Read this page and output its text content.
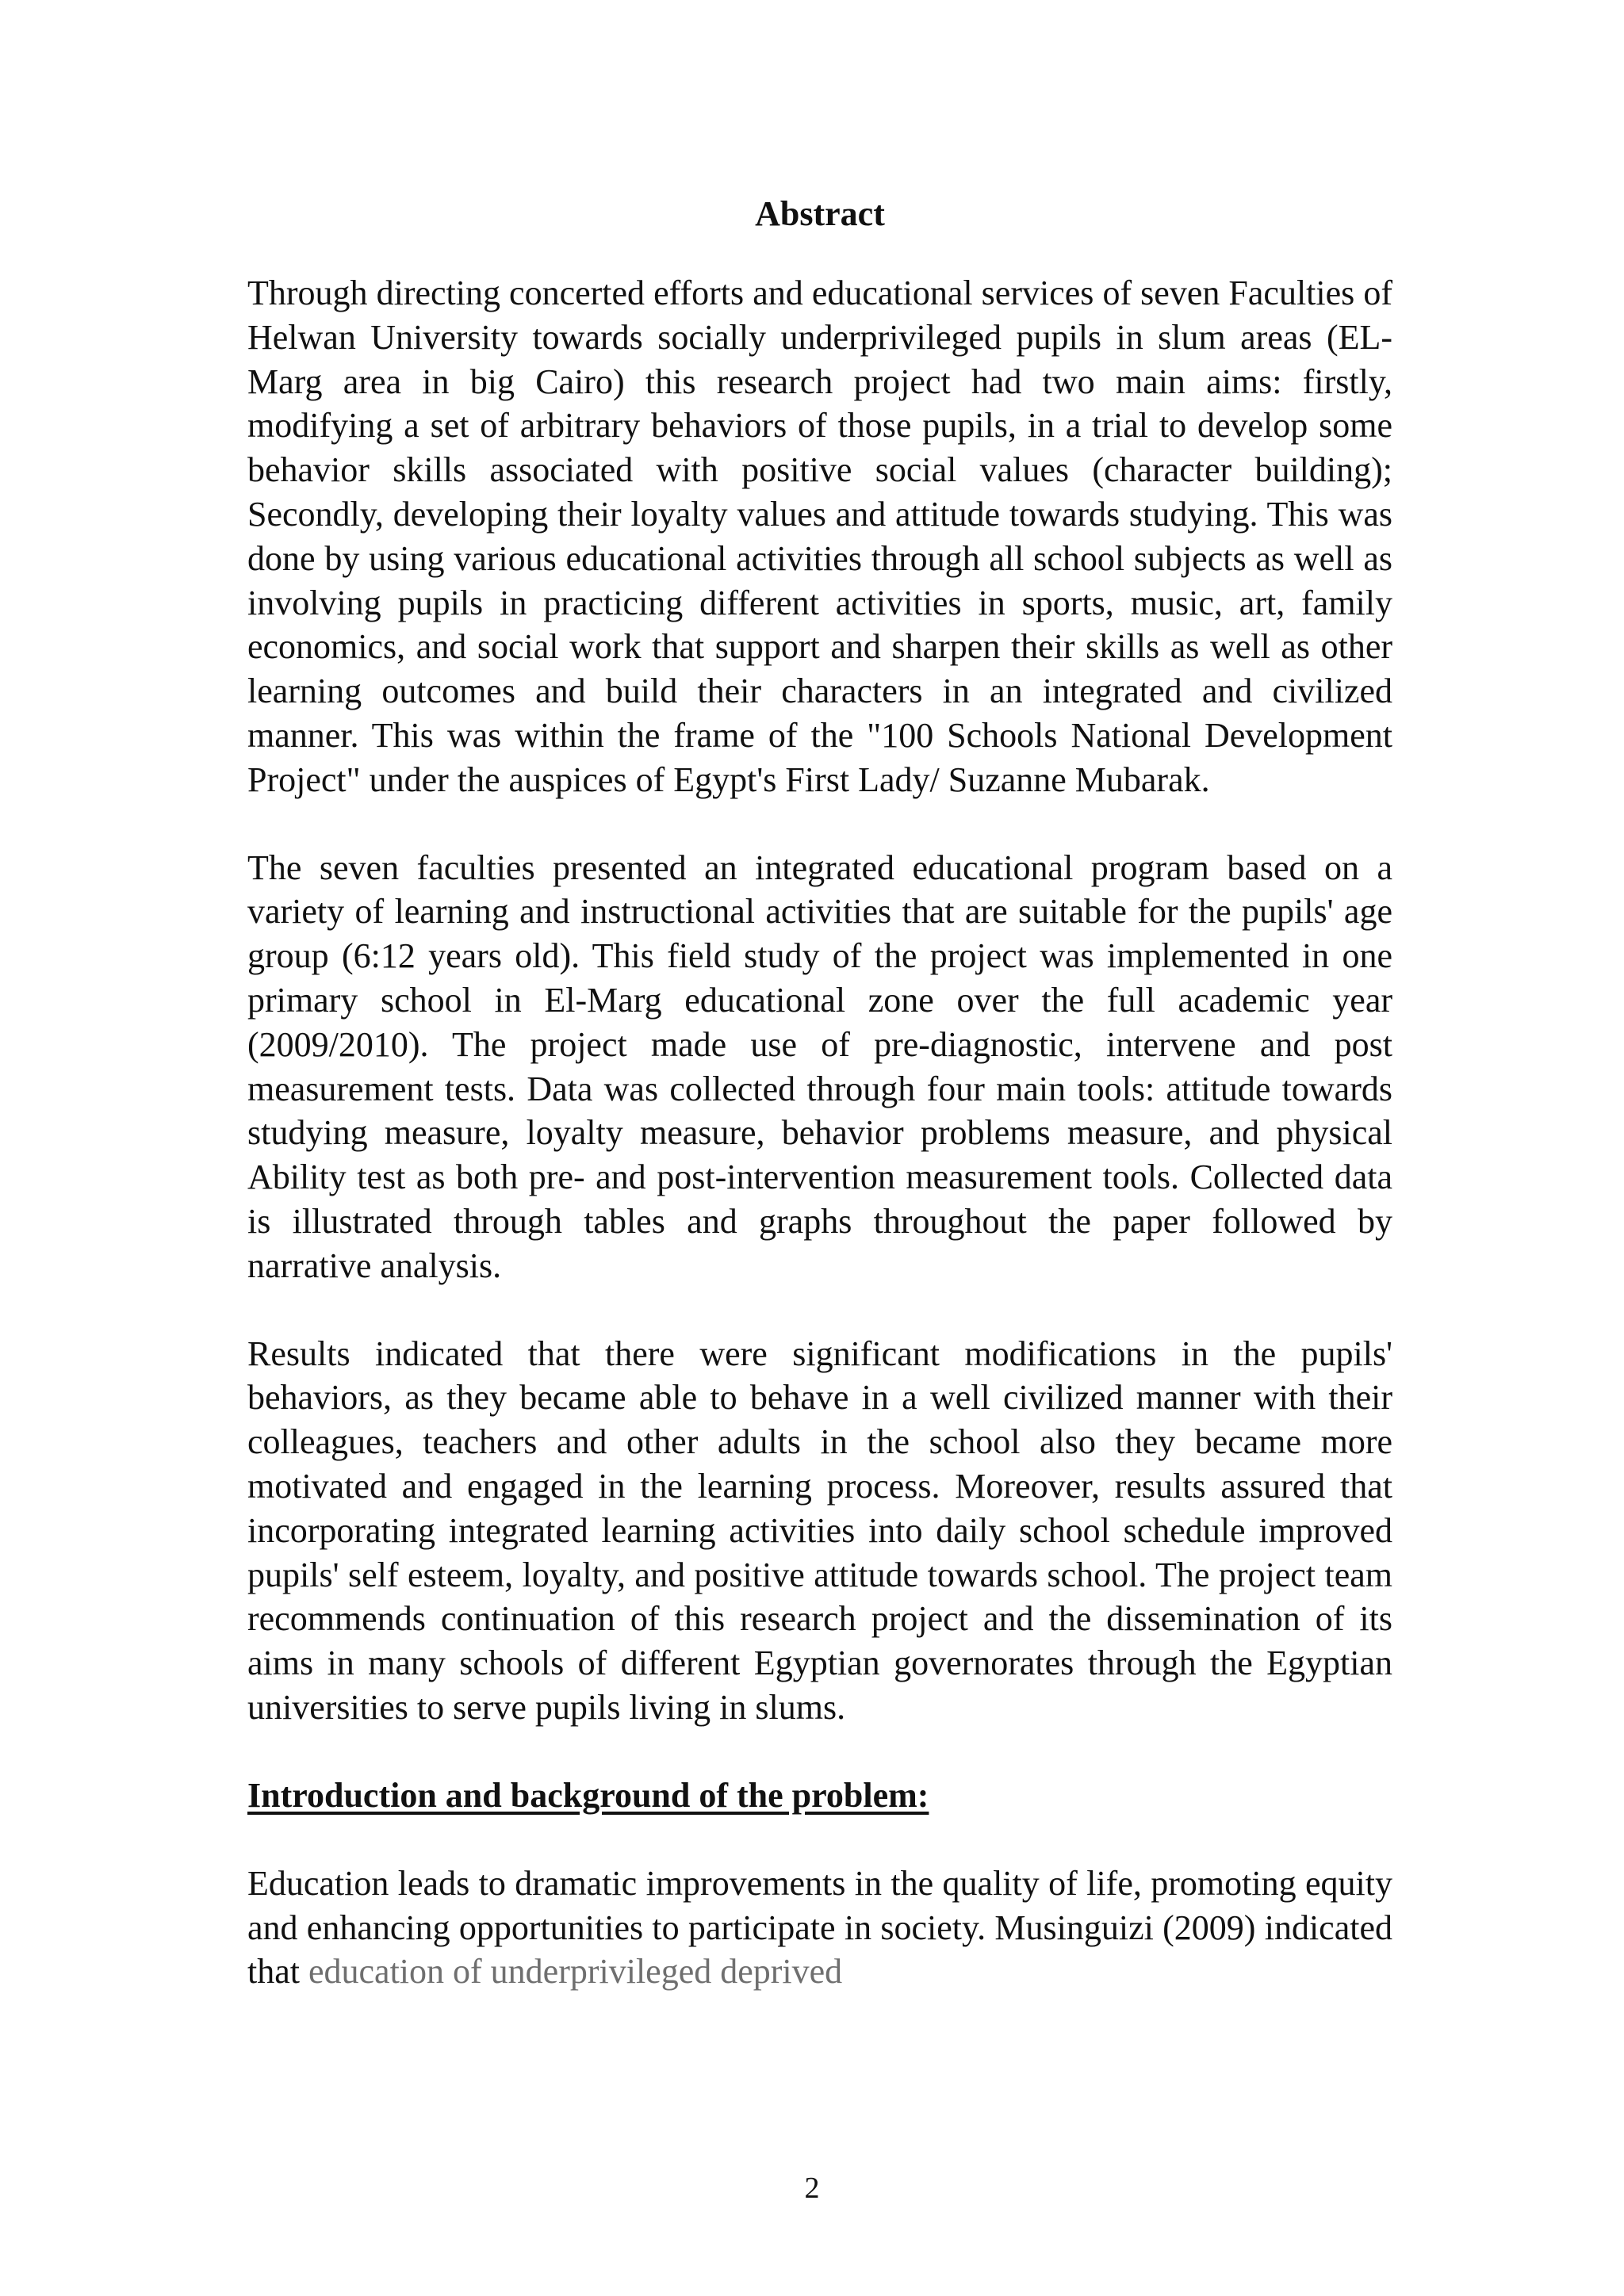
Abstract

Through directing concerted efforts and educational services of seven Faculties of Helwan University towards socially underprivileged pupils in slum areas (EL-Marg area in big Cairo) this research project had two main aims: firstly, modifying a set of arbitrary behaviors of those pupils, in a trial to develop some behavior skills associated with positive social values (character building); Secondly, developing their loyalty values and attitude towards studying. This was done by using various educational activities through all school subjects as well as involving pupils in practicing different activities in sports, music, art, family economics, and social work that support and sharpen their skills as well as other learning outcomes and build their characters in an integrated and civilized manner. This was within the frame of the "100 Schools National Development Project" under the auspices of Egypt's First Lady/ Suzanne Mubarak.

The seven faculties presented an integrated educational program based on a variety of learning and instructional activities that are suitable for the pupils' age group (6:12 years old). This field study of the project was implemented in one primary school in El-Marg educational zone over the full academic year (2009/2010). The project made use of pre-diagnostic, intervene and post measurement tests. Data was collected through four main tools: attitude towards studying measure, loyalty measure, behavior problems measure, and physical Ability test as both pre- and post-intervention measurement tools. Collected data is illustrated through tables and graphs throughout the paper followed by narrative analysis.

Results indicated that there were significant modifications in the pupils' behaviors, as they became able to behave in a well civilized manner with their colleagues, teachers and other adults in the school also they became more motivated and engaged in the learning process. Moreover, results assured that incorporating integrated learning activities into daily school schedule improved pupils' self esteem, loyalty, and positive attitude towards school. The project team recommends continuation of this research project and the dissemination of its aims in many schools of different Egyptian governorates through the Egyptian universities to serve pupils living in slums.

Introduction and background of the problem:

Education leads to dramatic improvements in the quality of life, promoting equity and enhancing opportunities to participate in society. Musinguizi (2009) indicated that education of underprivileged deprived

2
